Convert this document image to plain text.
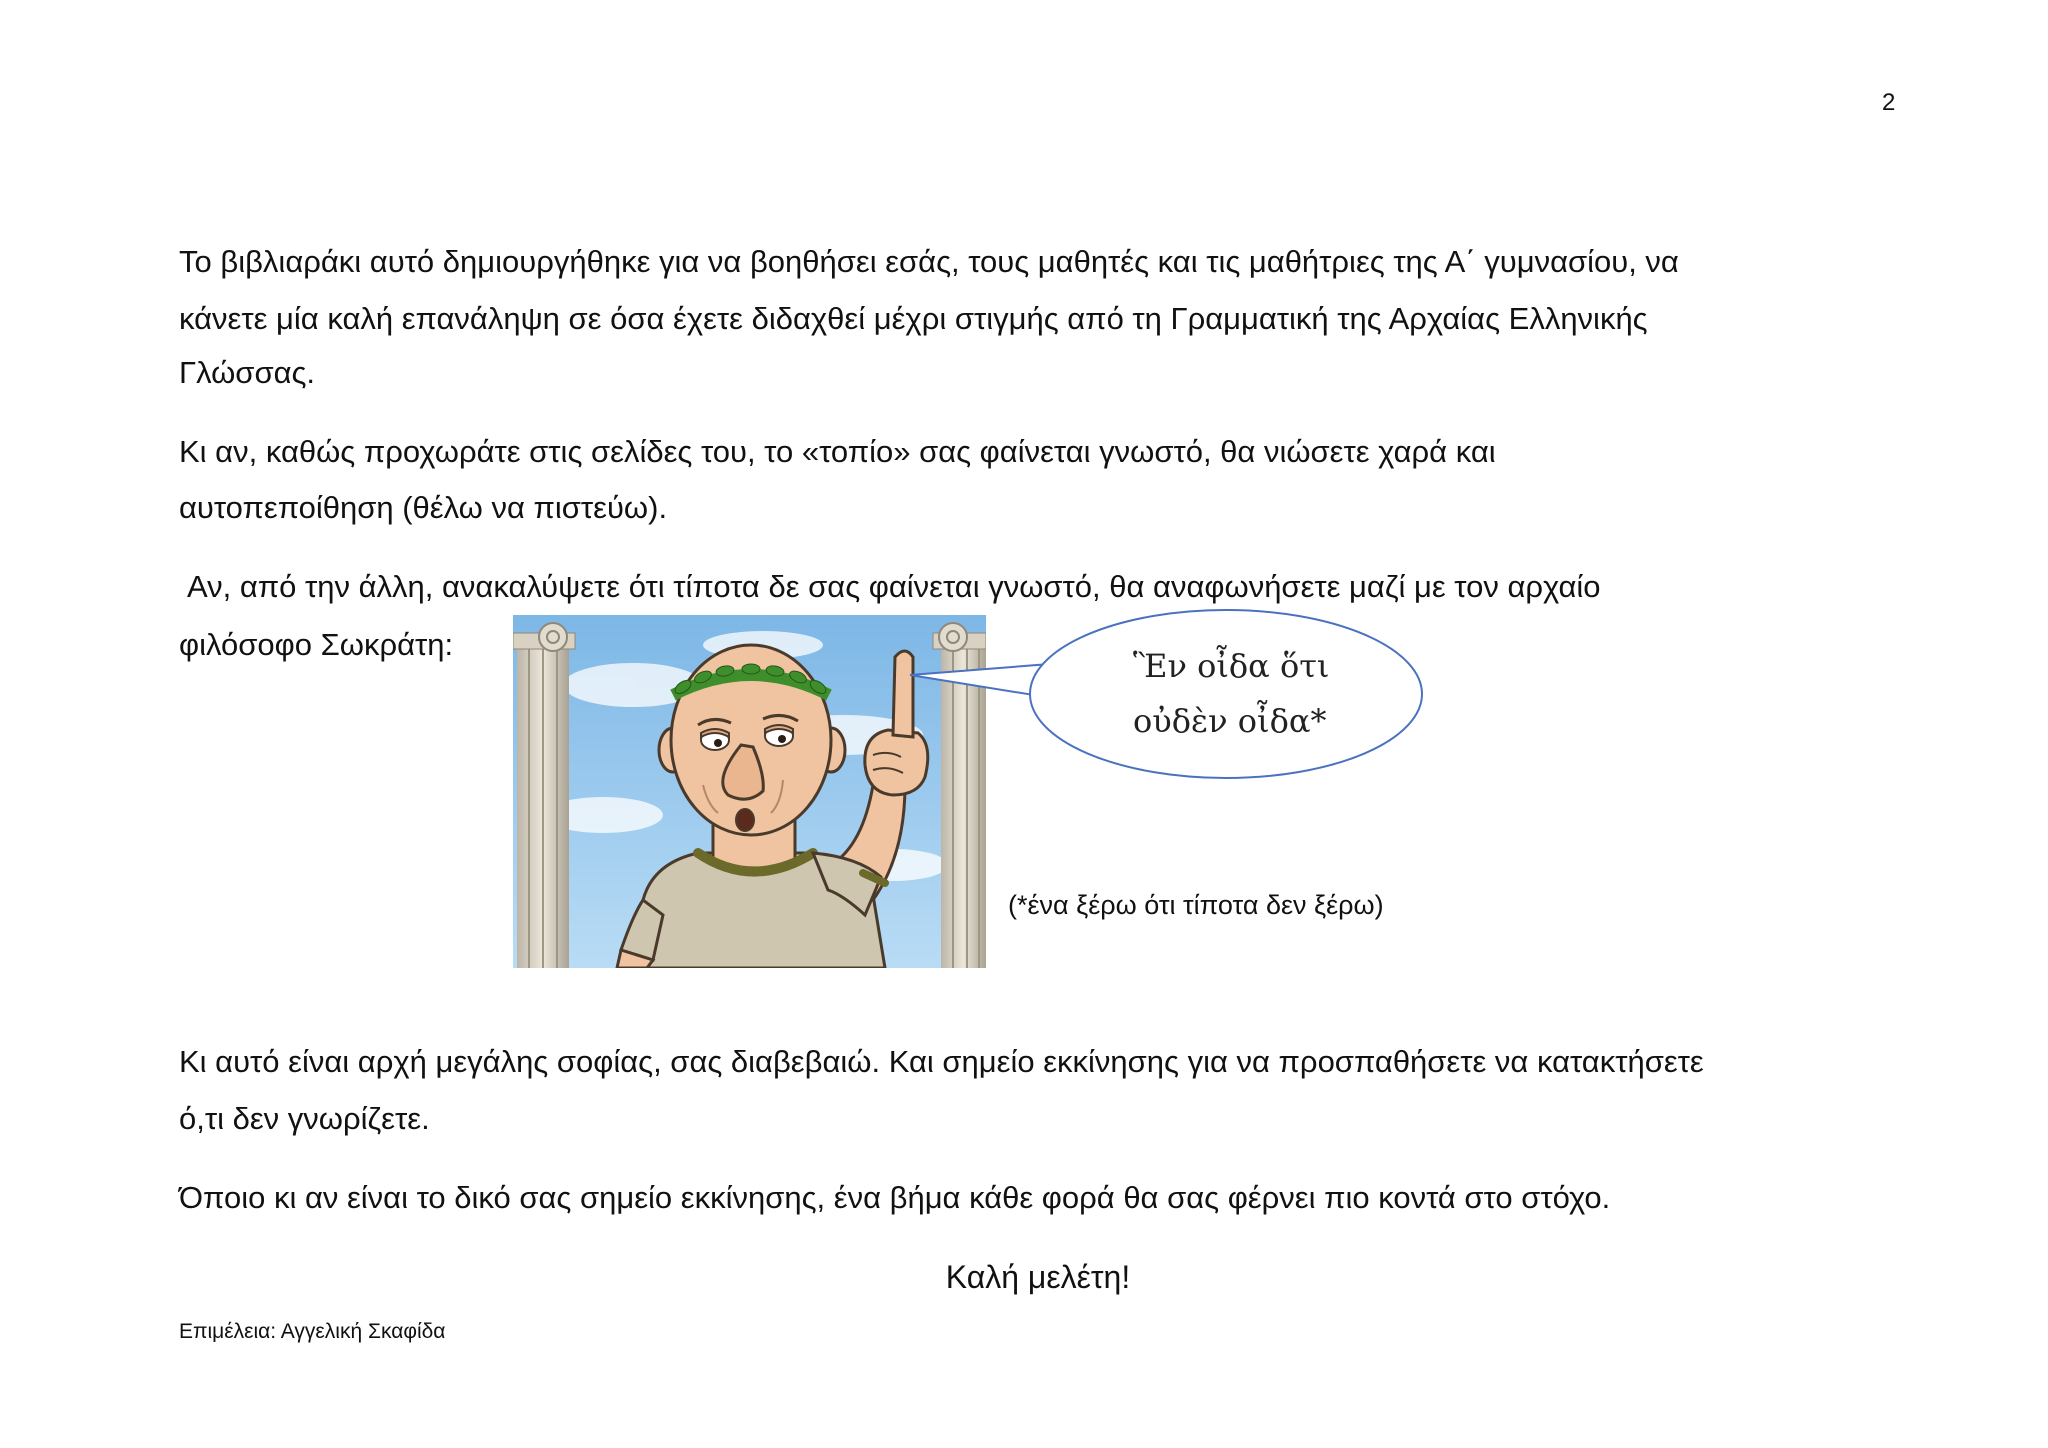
2
Το βιβλιαράκι αυτό δημιουργήθηκε για να βοηθήσει εσάς, τους μαθητές και τις μαθήτριες της Α΄ γυμνασίου, να
κάνετε μία καλή επανάληψη σε όσα έχετε διδαχθεί μέχρι στιγμής από τη Γραμματική της Αρχαίας Ελληνικής
Γλώσσας.
Κι αν, καθώς προχωράτε στις σελίδες του, το «τοπίο» σας φαίνεται γνωστό, θα νιώσετε χαρά και
αυτοπεποίθηση (θέλω να πιστεύω).
Αν, από την άλλη, ανακαλύψετε ότι τίποτα δε σας φαίνεται γνωστό, θα αναφωνήσετε μαζί με τον αρχαίο
φιλόσοφο Σωκράτη:
Ἓν οἶδα ὅτι
οὐδὲν οἶδα*
(*ένα ξέρω ότι τίποτα δεν ξέρω)
Κι αυτό είναι αρχή μεγάλης σοφίας, σας διαβεβαιώ. Και σημείο εκκίνησης για να προσπαθήσετε να κατακτήσετε
ό,τι δεν γνωρίζετε.
Όποιο κι αν είναι το δικό σας σημείο εκκίνησης, ένα βήμα κάθε φορά θα σας φέρνει πιο κοντά στο στόχο.
Καλή μελέτη!
Επιμέλεια: Αγγελική Σκαφίδα
